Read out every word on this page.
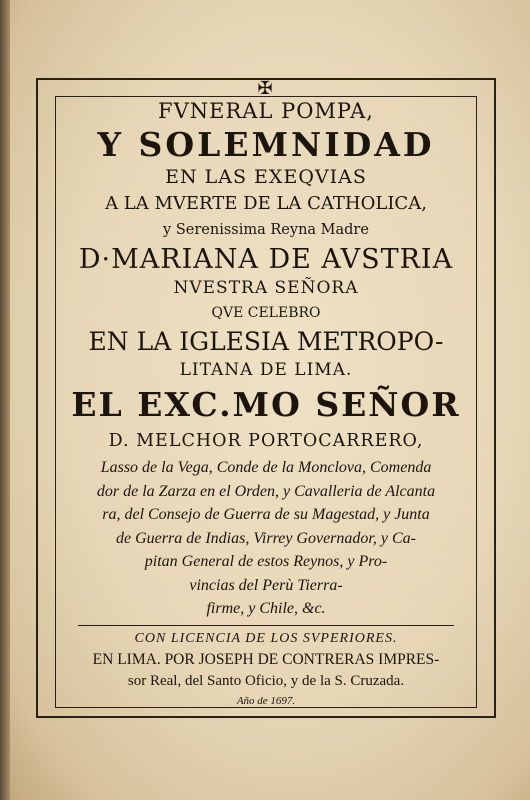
✠
FVNERAL POMPA,
Y SOLEMNIDAD
EN LAS EXEQVIAS
A LA MVERTE DE LA CATHOLICA,
y Serenissima Reyna Madre
D·MARIANA DE AVSTRIA
NVESTRA SEÑORA
QVE CELEBRO
EN LA IGLESIA METROPO-
LITANA DE LIMA.
EL EXC.MO SEÑOR
D. MELCHOR PORTOCARRERO,
Lasso de la Vega, Conde de la Monclova, Comenda
dor de la Zarza en el Orden, y Cavalleria de Alcanta
ra, del Consejo de Guerra de su Magestad, y Junta
de Guerra de Indias, Virrey Governador, y Ca-
pitan General de estos Reynos, y Pro-
vincias del Perù Tierra-
firme, y Chile, &c.
CON LICENCIA DE LOS SVPERIORES.
EN LIMA. POR JOSEPH DE CONTRERAS IMPRES-
sor Real, del Santo Oficio, y de la S. Cruzada.
Año de 1697.
